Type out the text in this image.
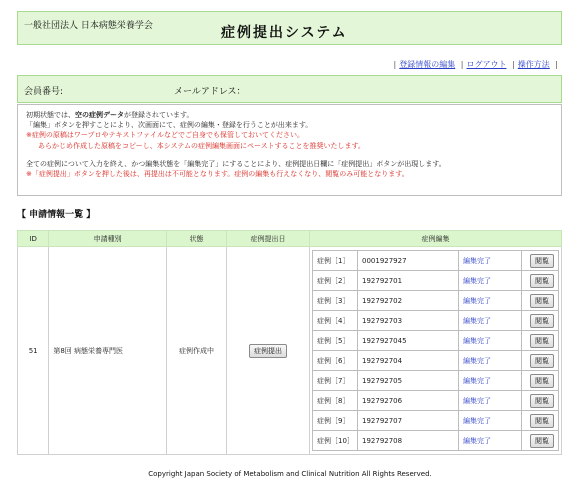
一般社団法人 日本病態栄養学会	症例提出システム
| 登録情報の編集 | ログアウト | 操作方法 |
会員番号:	メールアドレス：
初期状態では、空の症例データが登録されています。
「編集」ボタンを押すことにより、次画面にて、症例の編集・登録を行うことが出来ます。
※症例の原稿はワープロやテキストファイルなどでご自身でも保管しておいてください。
あらかじめ作成した原稿をコピーし、本システムの症例編集画面にペーストすることを推奨いたします。
全ての症例について入力を終え、かつ編集状態を「編集完了」にすることにより、症例提出日欄に「症例提出」ボタンが出現します。
※「症例提出」ボタンを押した後は、再提出は不可能となります。症例の編集も行えなくなり、閲覧のみ可能となります。
【 申請情報一覧 】
ID	申請種別	状態	症例提出日	症例編集
51	第8回 病態栄養専門医	症例作成中	症例提出	
症例［1］	0001927927	編集完了	閲覧
症例［2］	192792701	編集完了	閲覧
症例［3］	192792702	編集完了	閲覧
症例［4］	192792703	編集完了	閲覧
症例［5］	1927927045	編集完了	閲覧
症例［6］	192792704	編集完了	閲覧
症例［7］	192792705	編集完了	閲覧
症例［8］	192792706	編集完了	閲覧
症例［9］	192792707	編集完了	閲覧
症例［10］	192792708	編集完了	閲覧
Copyright Japan Society of Metabolism and Clinical Nutrition All Rights Reserved.
